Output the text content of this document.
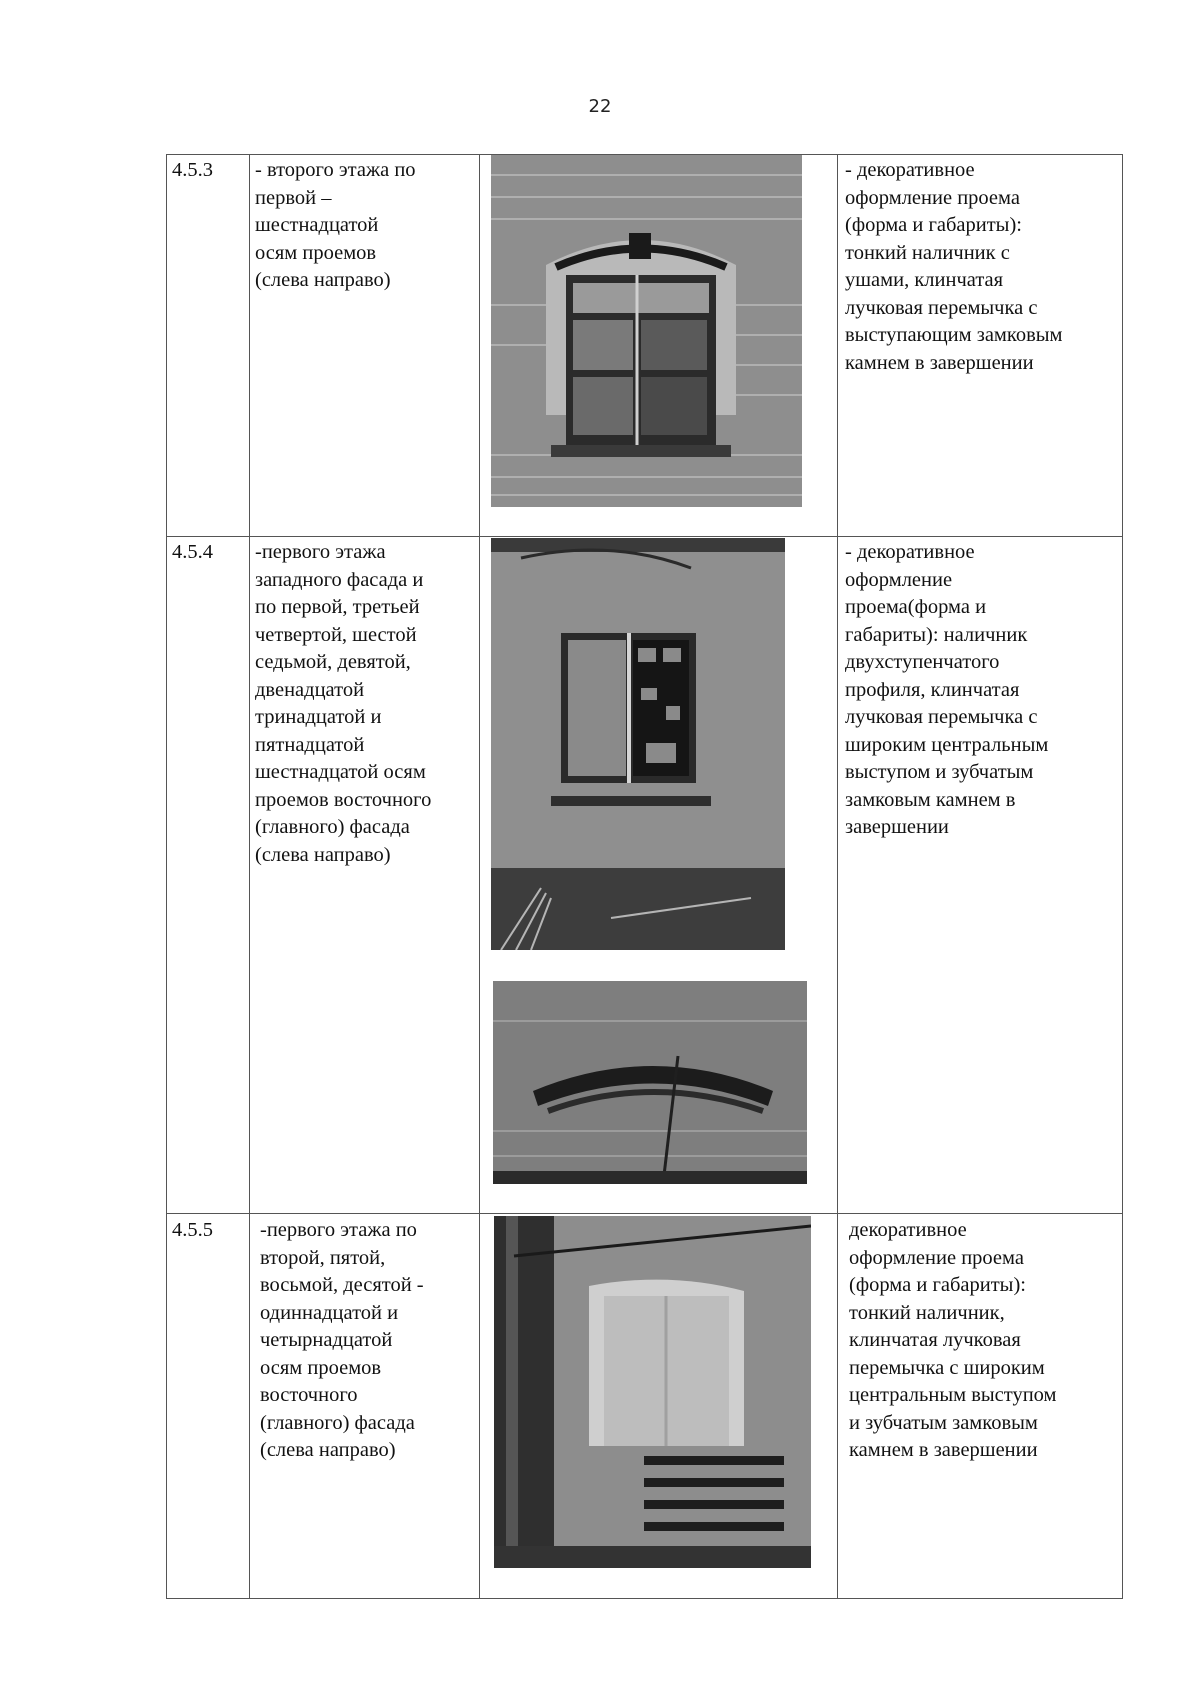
22
4.5.3 - второго этажа по
первой –
шестнадцатой
осям проемов
(слева направо)
- декоративное
оформление проема
(форма и габариты):
тонкий наличник с
ушами, клинчатая
лучковая перемычка с
выступающим замковым
камнем в завершении
4.5.4 -первого этажа
западного фасада и
по первой, третьей
четвертой, шестой
седьмой, девятой,
двенадцатой
тринадцатой и
пятнадцатой
шестнадцатой осям
проемов восточного
(главного) фасада
(слева направо)
- декоративное
оформление
проема(форма и
габариты): наличник
двухступенчатого
профиля, клинчатая
лучковая перемычка с
широким центральным
выступом и зубчатым
замковым камнем в
завершении
4.5.5 -первого этажа по
второй, пятой,
восьмой, десятой -
одиннадцатой и
четырнадцатой
осям проемов
восточного
(главного) фасада
(слева направо)
декоративное
оформление проема
(форма и габариты):
тонкий наличник,
клинчатая лучковая
перемычка с широким
центральным выступом
и зубчатым замковым
камнем в завершении
